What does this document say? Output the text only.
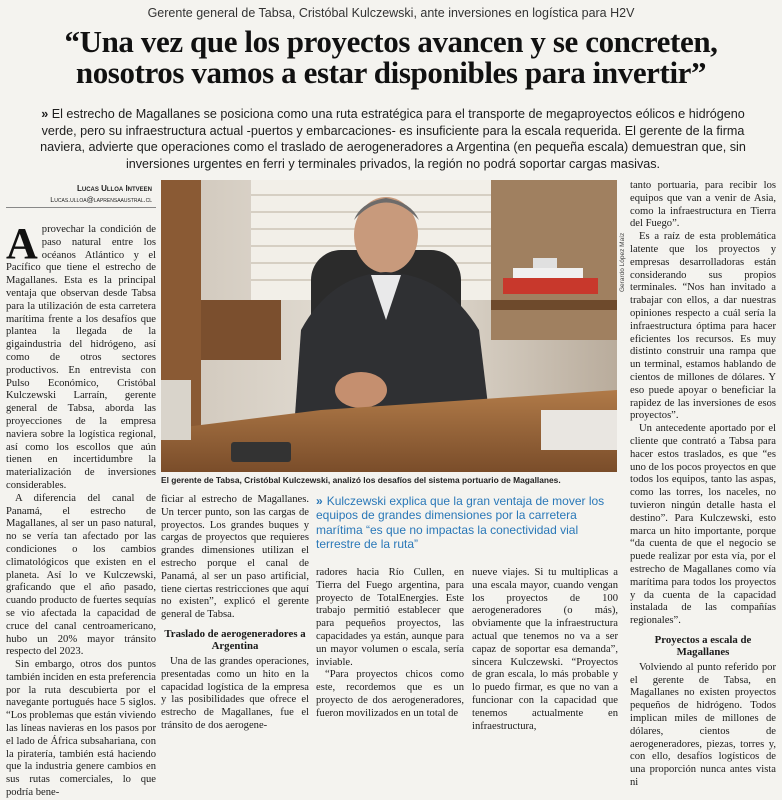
Gerente general de Tabsa, Cristóbal Kulczewski, ante inversiones en logística para H2V
“Una vez que los proyectos avancen y se concreten,
nosotros vamos a estar disponibles para invertir”

» El estrecho de Magallanes se posiciona como una ruta estratégica para el transporte de megaproyectos eólicos e hidrógeno verde, pero su infraestructura actual -puertos y embarcaciones- es insuficiente para la escala requerida. El gerente de la firma naviera, advierte que operaciones como el traslado de aerogeneradores a Argentina (en pequeña escala) demuestran que, sin inversiones urgentes en ferri y terminales privados, la región no podrá soportar cargas masivas.

Lucas Ulloa Intveen
Lucas.ulloa@laprensaaustral.cl

Aprovechar la condición de paso natural entre los océanos Atlántico y el Pacífico que tiene el estrecho de Magallanes. Esta es la principal ventaja que observan desde Tabsa para la utilización de esta carretera marítima frente a los desafíos que plantea la llegada de la gigaindustria del hidrógeno, así como de otros sectores productivos. En entrevista con Pulso Económico, Cristóbal Kulczewski Larraín, gerente general de Tabsa, aborda las proyecciones de la empresa naviera sobre la logística regional, así como los escollos que aún tienen en incertidumbre la materialización de inversiones considerables.

A diferencia del canal de Panamá, el estrecho de Magallanes, al ser un paso natural, no se vería tan afectado por las condiciones o los cambios climatológicos que existen en el planeta. Así lo ve Kulczewski, graficando que el año pasado, cuando producto de fuertes sequías se vio afectada la capacidad de cruce del canal centroamericano, hubo un 20% mayor tránsito respecto del 2023.

Sin embargo, otros dos puntos también inciden en esta preferencia por la ruta descubierta por el navegante portugués hace 5 siglos. “Los problemas que están viviendo las líneas navieras en los pasos por el lado de África subsahariana, con la piratería, también está haciendo que la industria genere cambios en sus rutas comerciales, lo que podría bene-

Gerardo López Maíz
El gerente de Tabsa, Cristóbal Kulczewski, analizó los desafíos del sistema portuario de Magallanes.

ficiar al estrecho de Magallanes. Un tercer punto, son las cargas de proyectos. Los grandes buques y cargas de proyectos que requieres grandes dimensiones utilizan el estrecho porque el canal de Panamá, al ser un paso artificial, tiene ciertas restricciones que aquí no existen”, explicó el gerente general de Tabsa.

Traslado de aerogeneradores a Argentina

Una de las grandes operaciones, presentadas como un hito en la capacidad logística de la empresa y las posibilidades que ofrece el estrecho de Magallanes, fue el tránsito de dos aerogene-

» Kulczewski explica que la gran ventaja de mover los equipos de grandes dimensiones por la carretera marítima “es que no impactas la conectividad vial terrestre de la ruta”

radores hacia Río Cullen, en Tierra del Fuego argentina, para proyecto de TotalEnergies. Este trabajo permitió establecer que para pequeños proyectos, las capacidades ya están, aunque para un mayor volumen o escala, sería inviable.

“Para proyectos chicos como este, recordemos que es un proyecto de dos aerogeneradores, fueron movilizados en un total de

nueve viajes. Si tu multiplicas a una escala mayor, cuando vengan los proyectos de 100 aerogeneradores (o más), obviamente que la infraestructura actual que tenemos no va a ser capaz de soportar esa demanda”, sincera Kulczewski. “Proyectos de gran escala, lo más probable y lo puedo firmar, es que no van a funcionar con la capacidad que tenemos actualmente en infraestructura,

tanto portuaria, para recibir los equipos que van a venir de Asia, como la infraestructura en Tierra del Fuego”.

Es a raíz de esta problemática latente que los proyectos y empresas desarrolladoras están considerando sus propios terminales. “Nos han invitado a trabajar con ellos, a dar nuestras opiniones respecto a cuál sería la infraestructura óptima para hacer eficientes los recursos. Es muy distinto construir una rampa que un terminal, estamos hablando de cientos de millones de dólares. Y eso puede apoyar o beneficiar la rapidez de las inversiones de esos proyectos”.

Un antecedente aportado por el cliente que contrató a Tabsa para hacer estos traslados, es que “es uno de los pocos proyectos en que todos los equipos, tanto las aspas, como las torres, los naceles, no tuvieron ningún detalle hasta el destino”. Para Kulczewski, esto marca un hito importante, porque “da cuenta de que el negocio se puede realizar por esta vía, por el estrecho de Magallanes como vía marítima para todos los proyectos y da cuenta de la capacidad instalada de las compañías regionales”.

Proyectos a escala de Magallanes

Volviendo al punto referido por el gerente de Tabsa, en Magallanes no existen proyectos pequeños de hidrógeno. Todos implican miles de millones de dólares, cientos de aerogeneradores, piezas, torres y, con ello, desafíos logísticos de una proporción nunca antes vista ni
